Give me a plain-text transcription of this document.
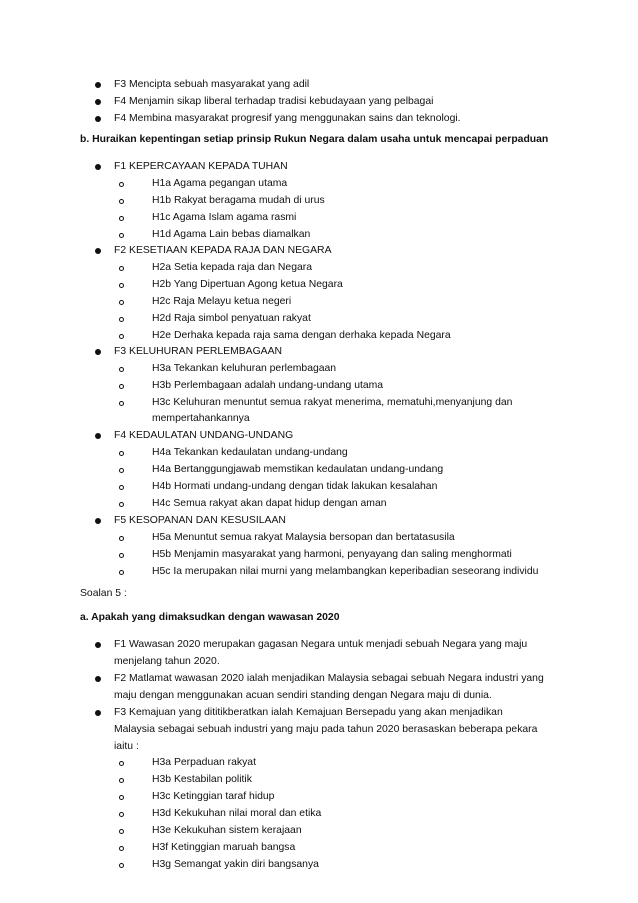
F3 Mencipta sebuah masyarakat yang adil
F4 Menjamin sikap liberal terhadap tradisi kebudayaan yang pelbagai
F4 Membina masyarakat progresif yang menggunakan sains dan teknologi.
b. Huraikan kepentingan setiap prinsip Rukun Negara dalam usaha untuk mencapai perpaduan
F1 KEPERCAYAAN KEPADA TUHAN
H1a Agama pegangan utama
H1b Rakyat beragama mudah di urus
H1c Agama Islam agama rasmi
H1d Agama Lain bebas diamalkan
F2 KESETIAAN KEPADA RAJA DAN NEGARA
H2a Setia kepada raja dan Negara
H2b Yang Dipertuan Agong ketua Negara
H2c Raja Melayu ketua negeri
H2d Raja simbol penyatuan rakyat
H2e Derhaka kepada raja sama dengan derhaka kepada Negara
F3 KELUHURAN PERLEMBAGAAN
H3a Tekankan keluhuran perlembagaan
H3b Perlembagaan adalah undang-undang utama
H3c Keluhuran menuntut semua rakyat menerima, mematuhi,menyanjung dan
mempertahankannya
F4 KEDAULATAN UNDANG-UNDANG
H4a Tekankan kedaulatan undang-undang
H4a Bertanggungjawab memstikan kedaulatan undang-undang
H4b Hormati undang-undang dengan tidak lakukan kesalahan
H4c Semua rakyat akan dapat hidup dengan aman
F5 KESOPANAN DAN KESUSILAAN
H5a Menuntut semua rakyat Malaysia bersopan dan bertatasusila
H5b Menjamin masyarakat yang harmoni, penyayang dan saling menghormati
H5c Ia merupakan nilai murni yang melambangkan keperibadian seseorang individu
Soalan 5 :
a. Apakah yang dimaksudkan dengan wawasan 2020
F1 Wawasan 2020 merupakan gagasan Negara untuk menjadi sebuah Negara yang maju
menjelang tahun 2020.
F2 Matlamat wawasan 2020 ialah menjadikan Malaysia sebagai sebuah Negara industri yang
maju dengan menggunakan acuan sendiri standing dengan Negara maju di dunia.
F3 Kemajuan yang dititikberatkan ialah Kemajuan Bersepadu yang akan menjadikan
Malaysia sebagai sebuah industri yang maju pada tahun 2020 berasaskan beberapa pekara
iaitu :
H3a Perpaduan rakyat
H3b Kestabilan politik
H3c Ketinggian taraf hidup
H3d Kekukuhan nilai moral dan etika
H3e Kekukuhan sistem kerajaan
H3f Ketinggian maruah bangsa
H3g Semangat yakin diri bangsanya
